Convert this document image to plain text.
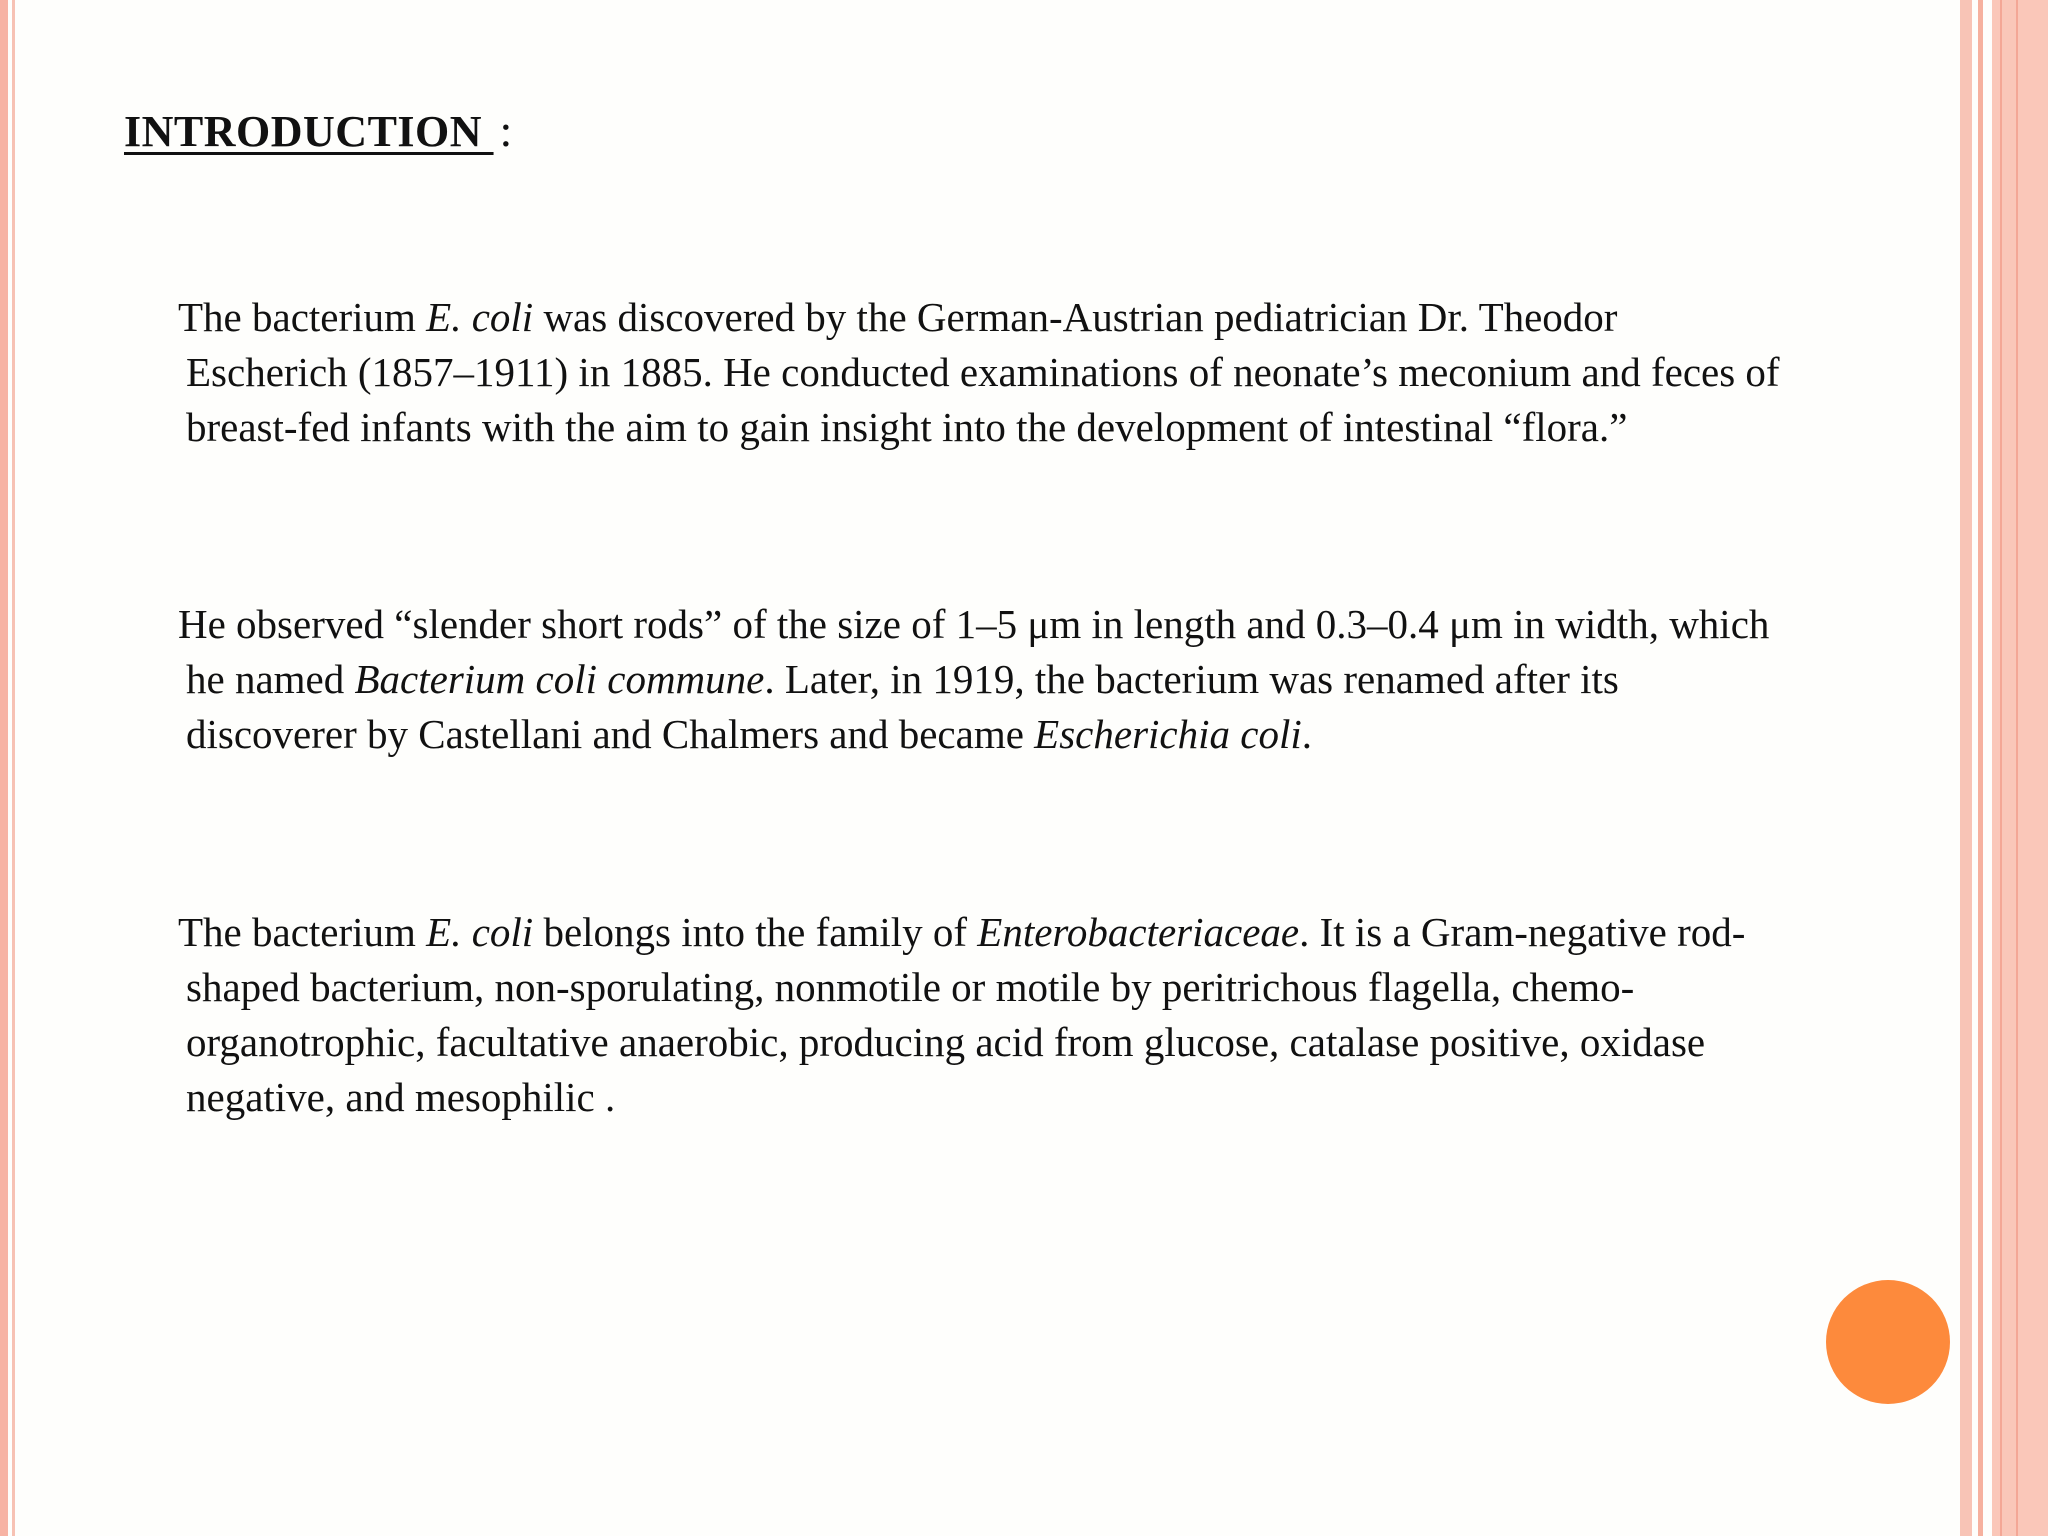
INTRODUCTION :

The bacterium E. coli was discovered by the German-Austrian pediatrician Dr. Theodor Escherich (1857–1911) in 1885. He conducted examinations of neonate’s meconium and feces of breast-fed infants with the aim to gain insight into the development of intestinal “flora.”

He observed “slender short rods” of the size of 1–5 μm in length and 0.3–0.4 μm in width, which he named Bacterium coli commune. Later, in 1919, the bacterium was renamed after its discoverer by Castellani and Chalmers and became Escherichia coli.

The bacterium E. coli belongs into the family of Enterobacteriaceae. It is a Gram-negative rod-shaped bacterium, non-sporulating, nonmotile or motile by peritrichous flagella, chemo-organotrophic, facultative anaerobic, producing acid from glucose, catalase positive, oxidase negative, and mesophilic .
